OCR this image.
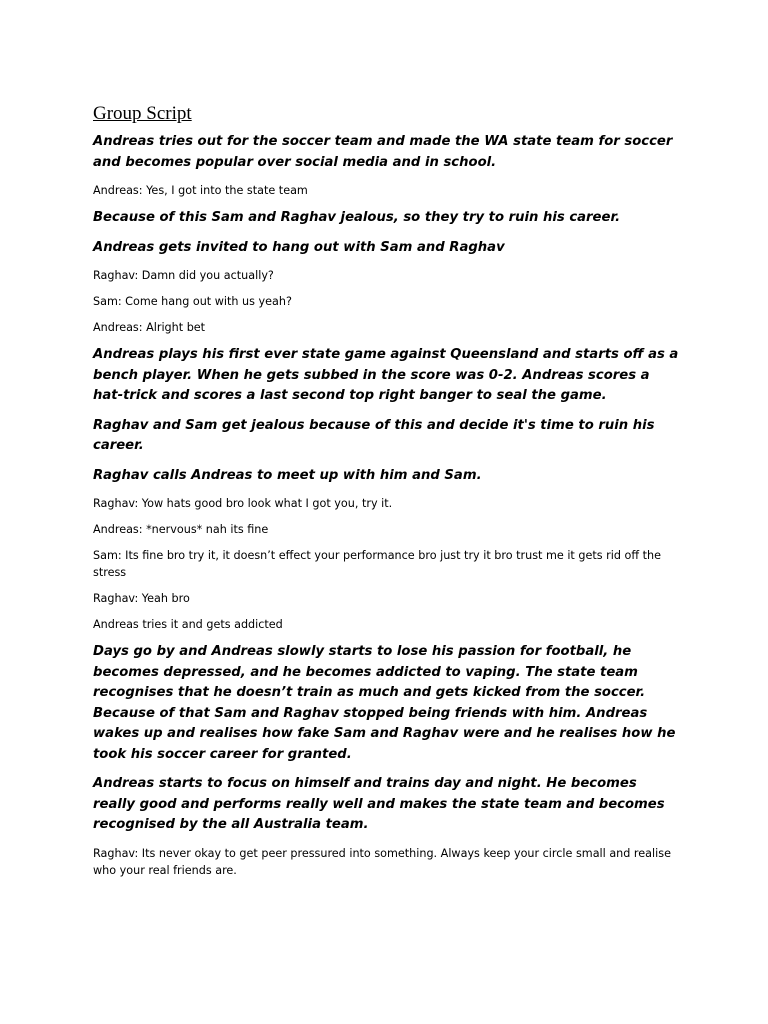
Group Script

Andreas tries out for the soccer team and made the WA state team for soccer and becomes popular over social media and in school.

Andreas: Yes, I got into the state team

Because of this Sam and Raghav jealous, so they try to ruin his career.

Andreas gets invited to hang out with Sam and Raghav

Raghav: Damn did you actually?

Sam: Come hang out with us yeah?

Andreas: Alright bet

Andreas plays his first ever state game against Queensland and starts off as a bench player. When he gets subbed in the score was 0-2. Andreas scores a hat-trick and scores a last second top right banger to seal the game.

Raghav and Sam get jealous because of this and decide it's time to ruin his career.

Raghav calls Andreas to meet up with him and Sam.

Raghav: Yow hats good bro look what I got you, try it.

Andreas: *nervous* nah its fine

Sam: Its fine bro try it, it doesn’t effect your performance bro just try it bro trust me it gets rid off the stress

Raghav: Yeah bro

Andreas tries it and gets addicted

Days go by and Andreas slowly starts to lose his passion for football, he becomes depressed, and he becomes addicted to vaping. The state team recognises that he doesn’t train as much and gets kicked from the soccer. Because of that Sam and Raghav stopped being friends with him. Andreas wakes up and realises how fake Sam and Raghav were and he realises how he took his soccer career for granted.

Andreas starts to focus on himself and trains day and night. He becomes really good and performs really well and makes the state team and becomes recognised by the all Australia team.

Raghav: Its never okay to get peer pressured into something. Always keep your circle small and realise who your real friends are.
